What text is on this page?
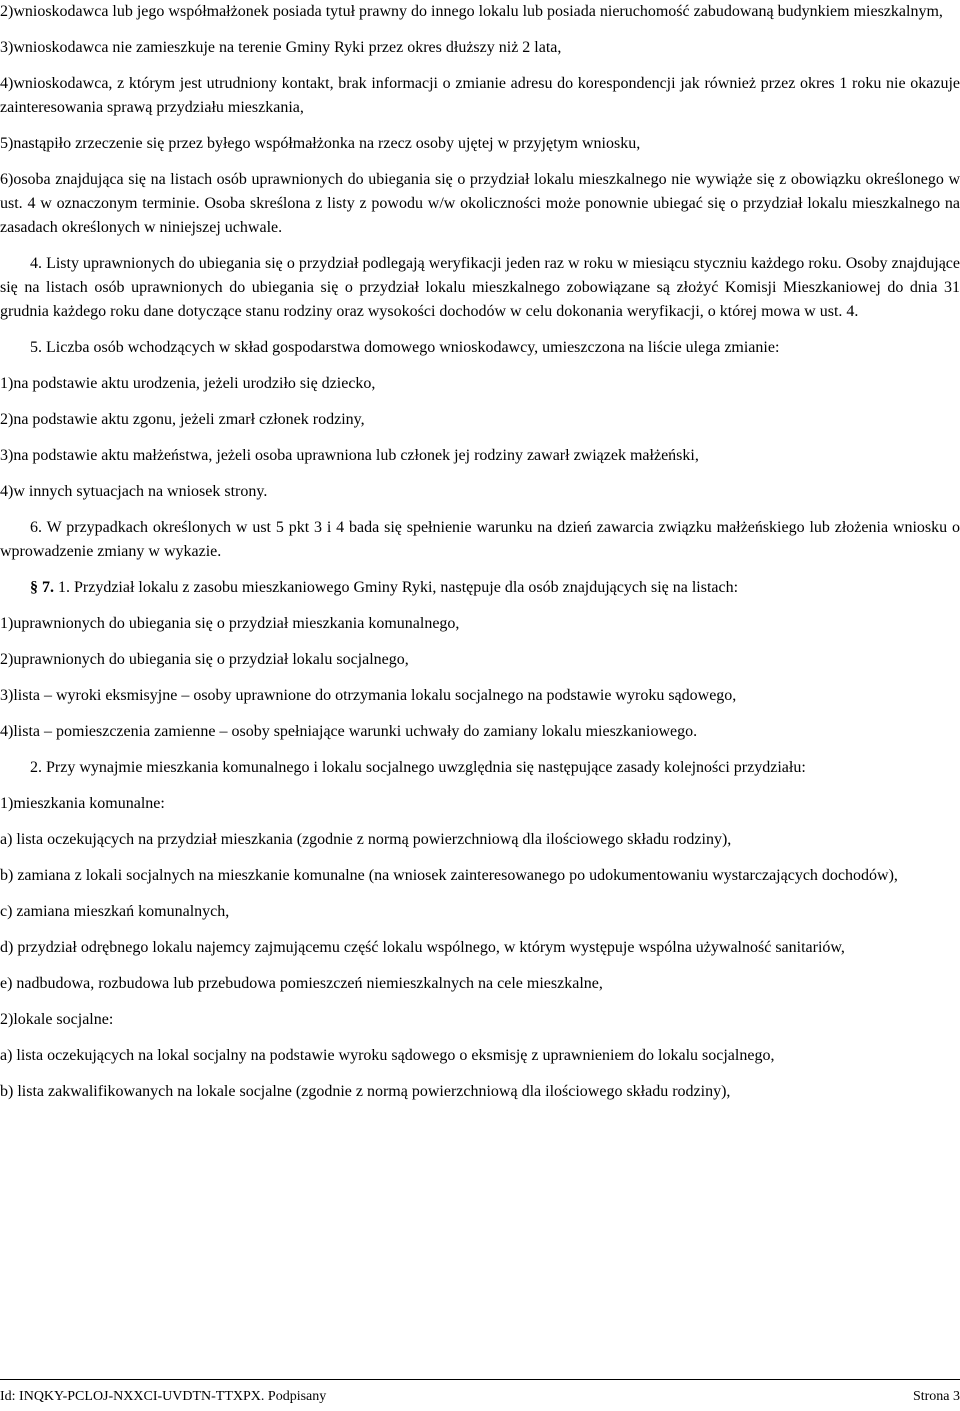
2)wnioskodawca lub jego współmałżonek posiada tytuł prawny do innego lokalu lub posiada nieruchomość zabudowaną budynkiem mieszkalnym,

3)wnioskodawca nie zamieszkuje na terenie Gminy Ryki przez okres dłuższy niż 2 lata,

4)wnioskodawca, z którym jest utrudniony kontakt, brak informacji o zmianie adresu do korespondencji jak również przez okres 1 roku nie okazuje zainteresowania sprawą przydziału mieszkania,

5)nastąpiło zrzeczenie się przez byłego współmałżonka na rzecz osoby ujętej w przyjętym wniosku,

6)osoba znajdująca się na listach osób uprawnionych do ubiegania się o przydział lokalu mieszkalnego nie wywiąże się z obowiązku określonego w ust. 4 w oznaczonym terminie. Osoba skreślona z listy z powodu w/w okoliczności może ponownie ubiegać się o przydział lokalu mieszkalnego na zasadach określonych w niniejszej uchwale.

4. Listy uprawnionych do ubiegania się o przydział podlegają weryfikacji jeden raz w roku w miesiącu styczniu każdego roku. Osoby znajdujące się na listach osób uprawnionych do ubiegania się o przydział lokalu mieszkalnego zobowiązane są złożyć Komisji Mieszkaniowej do dnia 31 grudnia każdego roku dane dotyczące stanu rodziny oraz wysokości dochodów w celu dokonania weryfikacji, o której mowa w ust. 4.

5. Liczba osób wchodzących w skład gospodarstwa domowego wnioskodawcy, umieszczona na liście ulega zmianie:

1)na podstawie aktu urodzenia, jeżeli urodziło się dziecko,

2)na podstawie aktu zgonu, jeżeli zmarł członek rodziny,

3)na podstawie aktu małżeństwa, jeżeli osoba uprawniona lub członek jej rodziny zawarł związek małżeński,

4)w innych sytuacjach na wniosek strony.

6. W przypadkach określonych w ust 5 pkt 3 i 4 bada się spełnienie warunku na dzień zawarcia związku małżeńskiego lub złożenia wniosku o wprowadzenie zmiany w wykazie.

§ 7. 1. Przydział lokalu z zasobu mieszkaniowego Gminy Ryki, następuje dla osób znajdujących się na listach:

1)uprawnionych do ubiegania się o przydział mieszkania komunalnego,

2)uprawnionych do ubiegania się o przydział lokalu socjalnego,

3)lista – wyroki eksmisyjne – osoby uprawnione do otrzymania lokalu socjalnego na podstawie wyroku sądowego,

4)lista – pomieszczenia zamienne – osoby spełniające warunki uchwały do zamiany lokalu mieszkaniowego.

2. Przy wynajmie mieszkania komunalnego i lokalu socjalnego uwzględnia się następujące zasady kolejności przydziału:

1)mieszkania komunalne:

a) lista oczekujących na przydział mieszkania (zgodnie z normą powierzchniową dla ilościowego składu rodziny),

b) zamiana z lokali socjalnych na mieszkanie komunalne (na wniosek zainteresowanego po udokumentowaniu wystarczających dochodów),

c) zamiana mieszkań komunalnych,

d) przydział odrębnego lokalu najemcy zajmującemu część lokalu wspólnego, w którym występuje wspólna używalność sanitariów,

e) nadbudowa, rozbudowa lub przebudowa pomieszczeń niemieszkalnych na cele mieszkalne,

2)lokale socjalne:

a) lista oczekujących na lokal socjalny na podstawie wyroku sądowego o eksmisję z uprawnieniem do lokalu socjalnego,

b) lista zakwalifikowanych na lokale socjalne (zgodnie z normą powierzchniową dla ilościowego składu rodziny),

Id: INQKY-PCLOJ-NXXCI-UVDTN-TTXPX. Podpisany	Strona 3
